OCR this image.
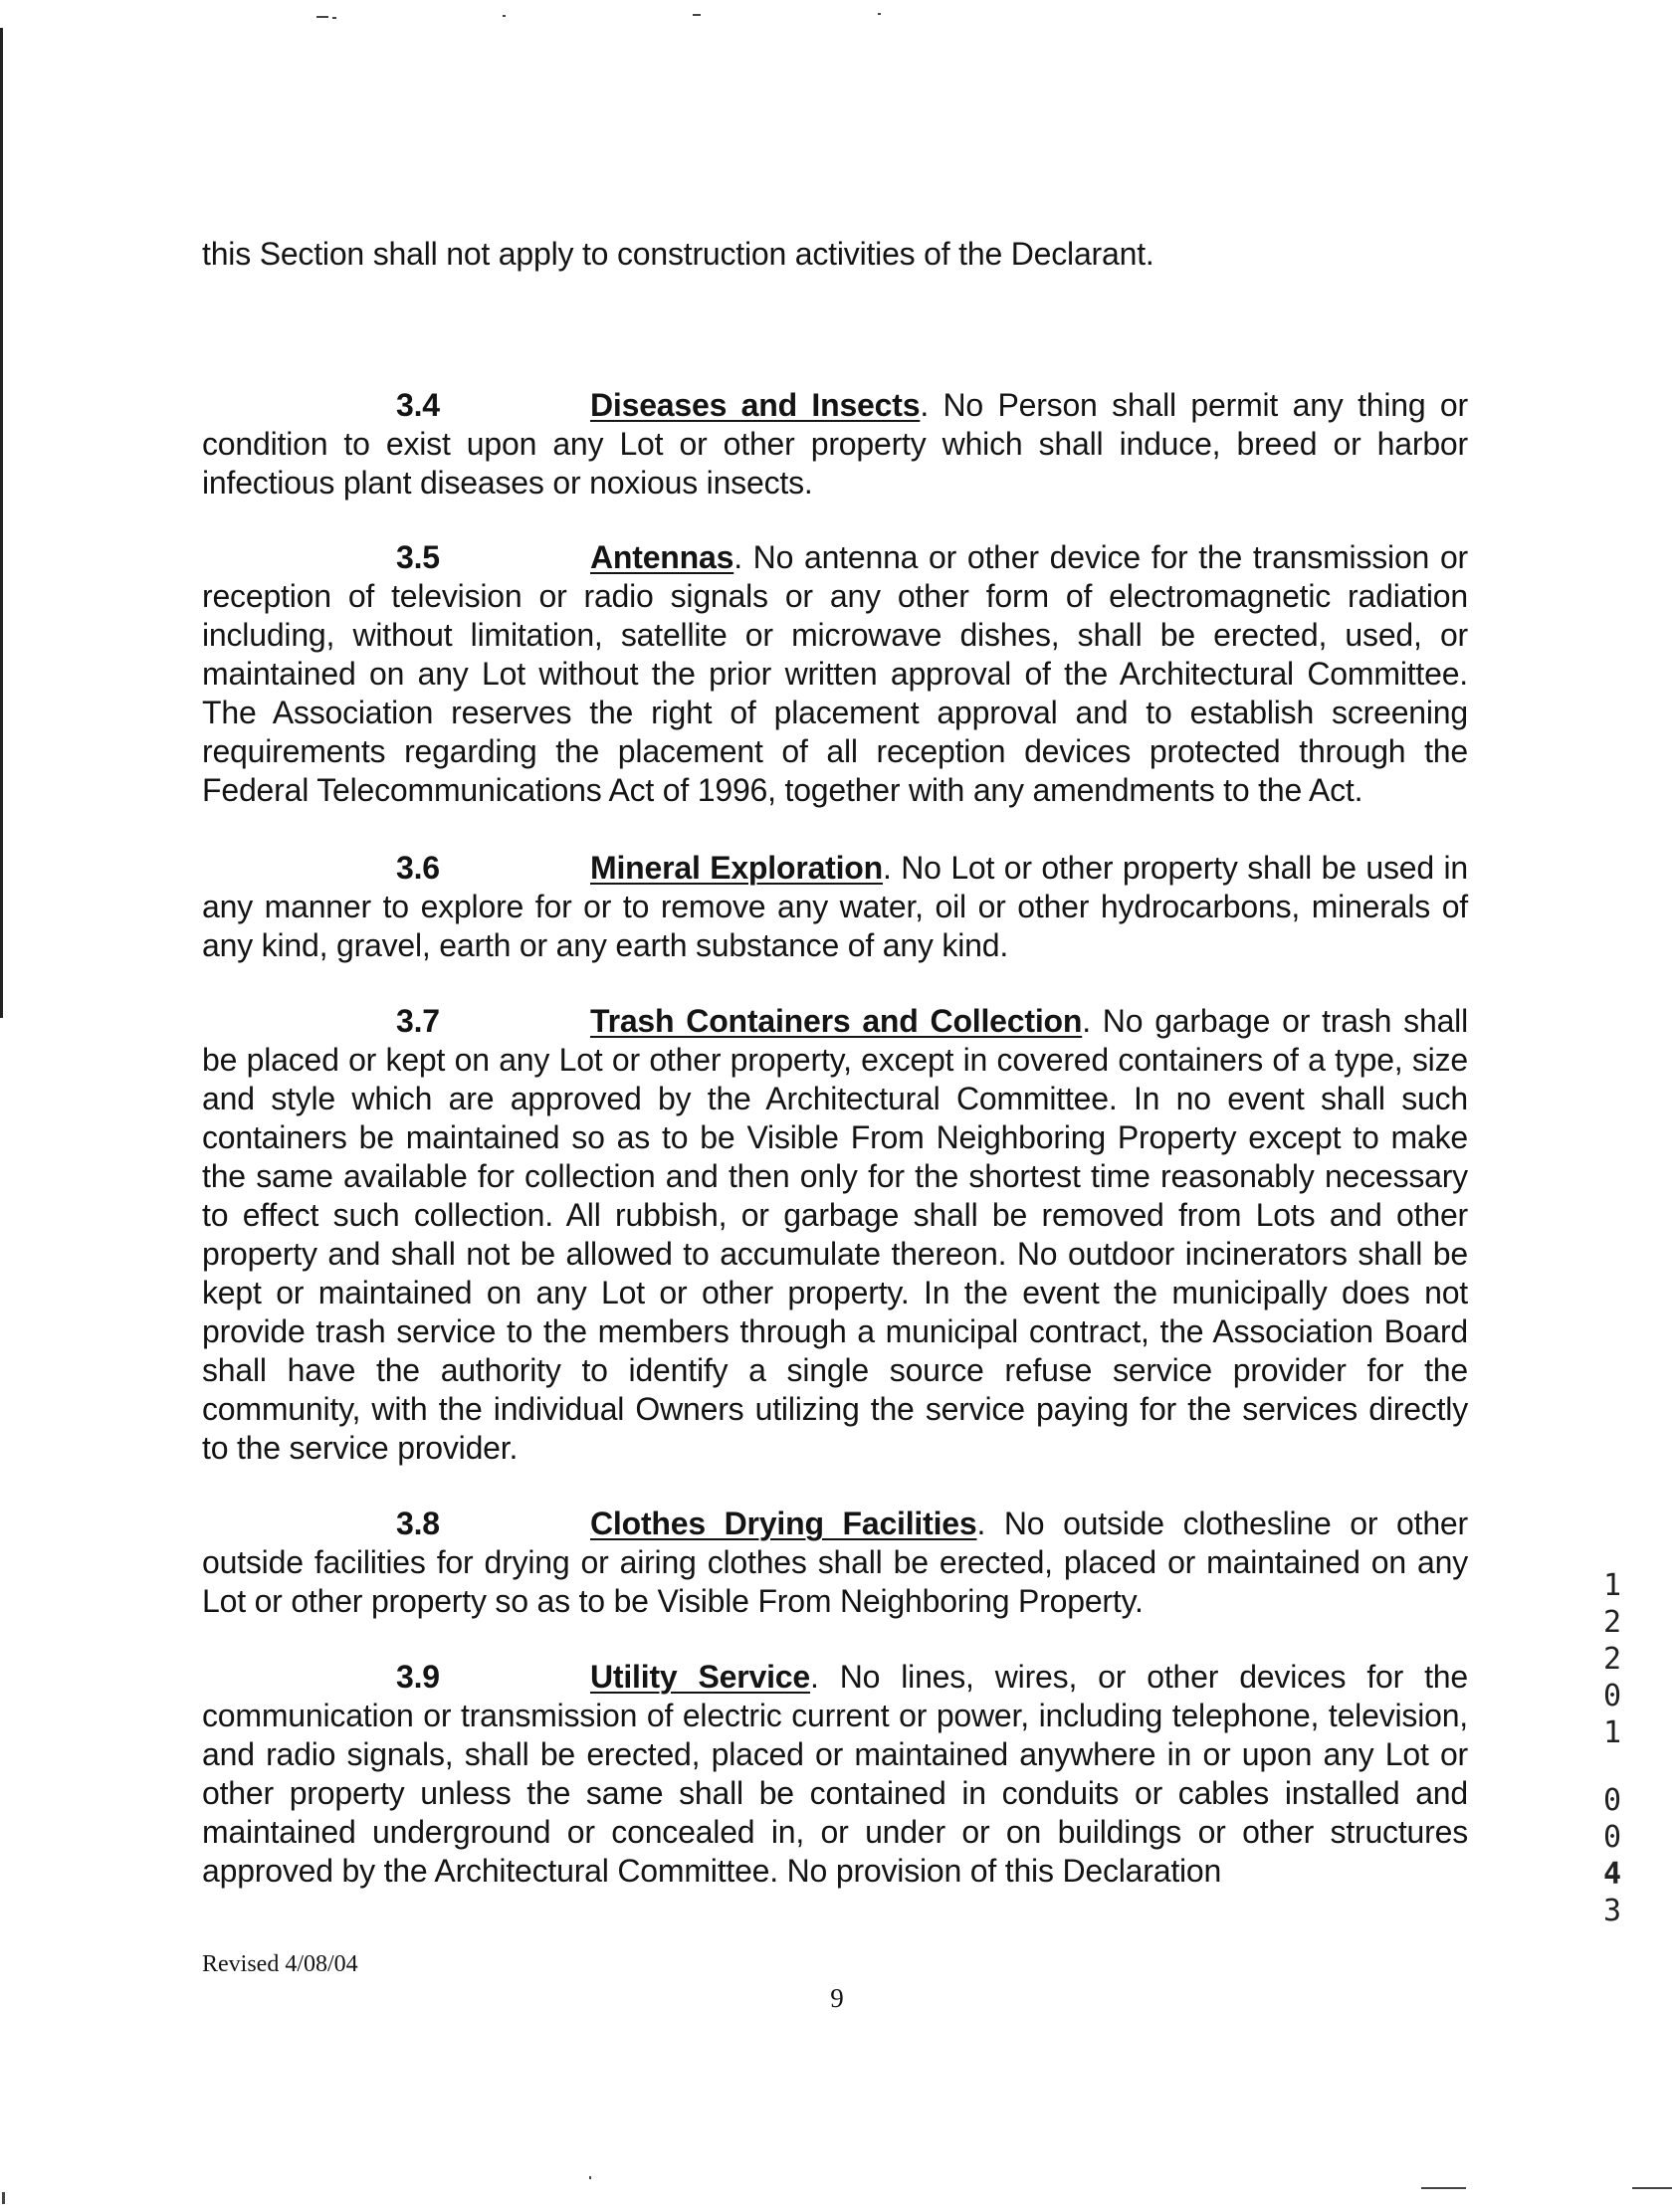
this Section shall not apply to construction activities of the Declarant.
3.4	Diseases and Insects. No Person shall permit any thing or condition to exist upon any Lot or other property which shall induce, breed or harbor infectious plant diseases or noxious insects.
3.5	Antennas. No antenna or other device for the transmission or reception of television or radio signals or any other form of electromagnetic radiation including, without limitation, satellite or microwave dishes, shall be erected, used, or maintained on any Lot without the prior written approval of the Architectural Committee. The Association reserves the right of placement approval and to establish screening requirements regarding the placement of all reception devices protected through the Federal Telecommunications Act of 1996, together with any amendments to the Act.
3.6	Mineral Exploration. No Lot or other property shall be used in any manner to explore for or to remove any water, oil or other hydrocarbons, minerals of any kind, gravel, earth or any earth substance of any kind.
3.7	Trash Containers and Collection. No garbage or trash shall be placed or kept on any Lot or other property, except in covered containers of a type, size and style which are approved by the Architectural Committee. In no event shall such containers be maintained so as to be Visible From Neighboring Property except to make the same available for collection and then only for the shortest time reasonably necessary to effect such collection. All rubbish, or garbage shall be removed from Lots and other property and shall not be allowed to accumulate thereon. No outdoor incinerators shall be kept or maintained on any Lot or other property. In the event the municipally does not provide trash service to the members through a municipal contract, the Association Board shall have the authority to identify a single source refuse service provider for the community, with the individual Owners utilizing the service paying for the services directly to the service provider.
3.8	Clothes Drying Facilities. No outside clothesline or other outside facilities for drying or airing clothes shall be erected, placed or maintained on any Lot or other property so as to be Visible From Neighboring Property.
3.9	Utility Service. No lines, wires, or other devices for the communication or transmission of electric current or power, including telephone, television, and radio signals, shall be erected, placed or maintained anywhere in or upon any Lot or other property unless the same shall be contained in conduits or cables installed and maintained underground or concealed in, or under or on buildings or other structures approved by the Architectural Committee. No provision of this Declaration
Revised 4/08/04
9
1
2
2
0
1
0
0
4
3
